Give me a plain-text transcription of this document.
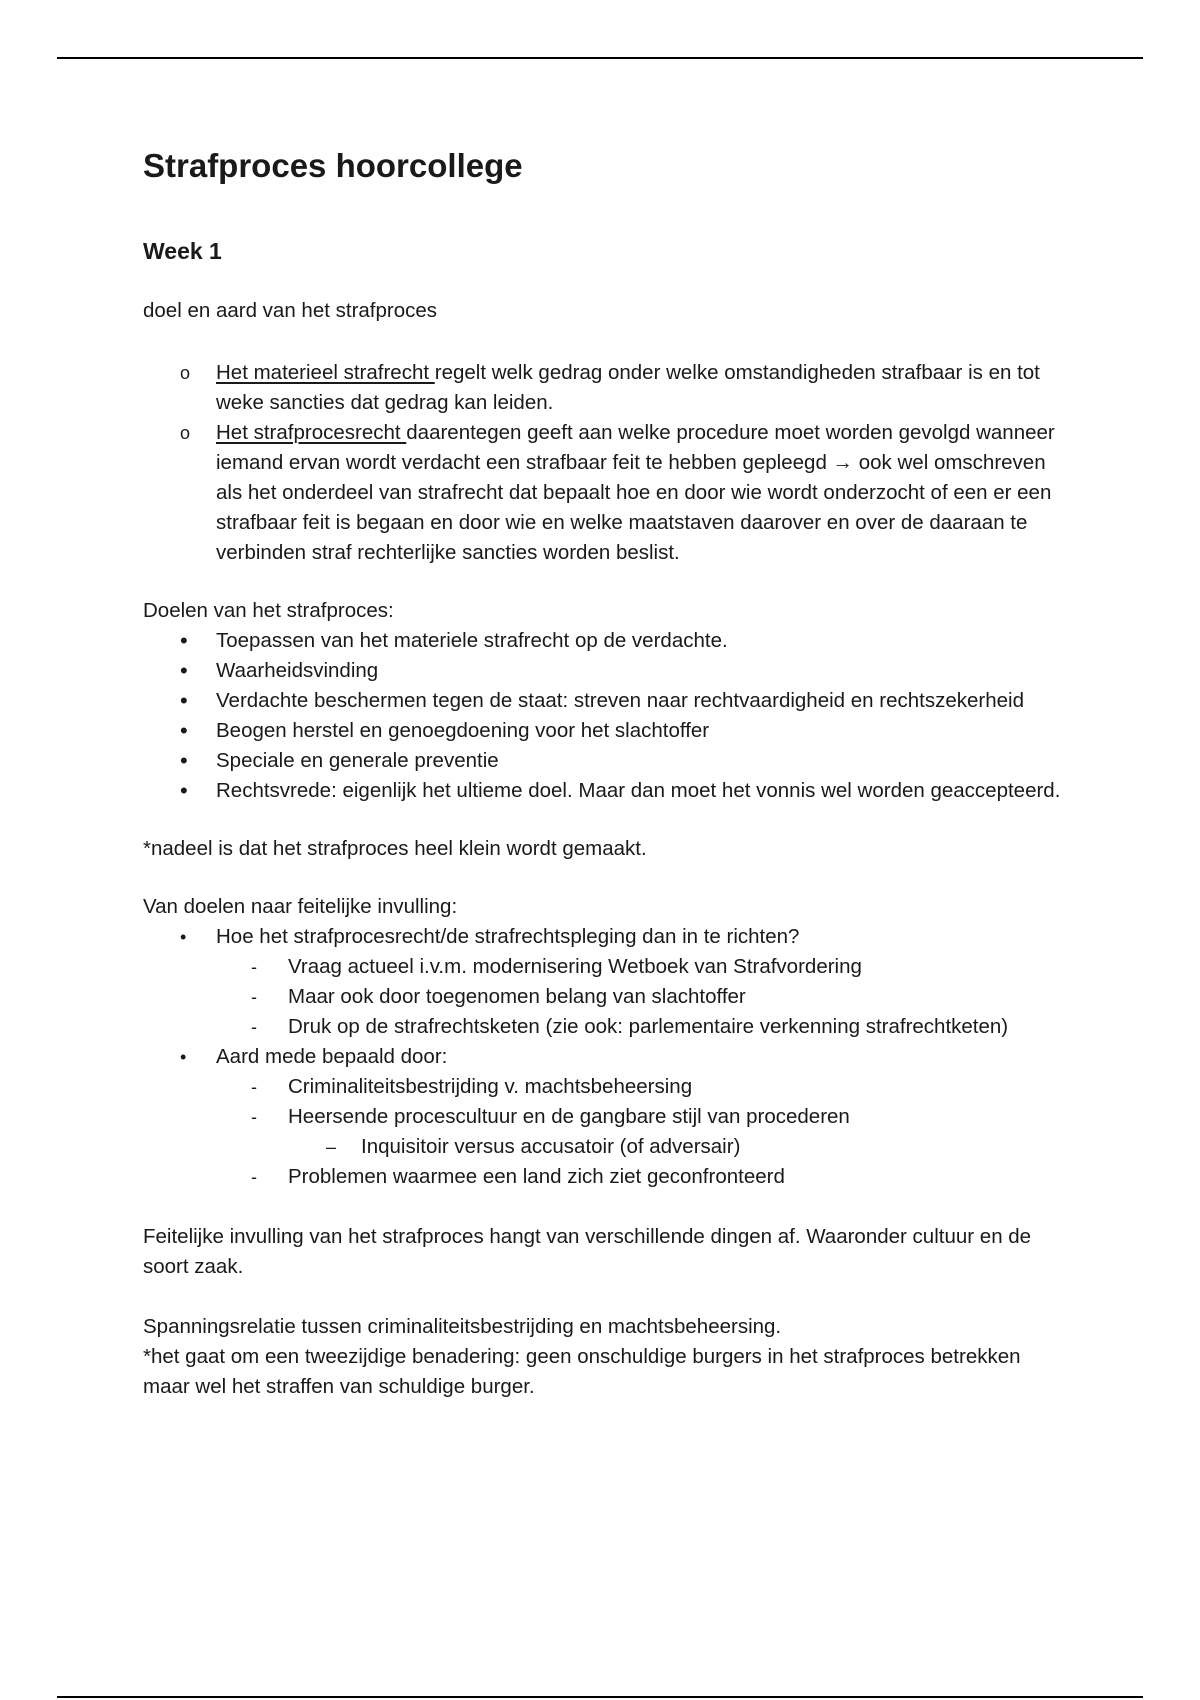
Strafproces hoorcollege
Week 1

doel en aard van het strafproces

o Het materieel strafrecht regelt welk gedrag onder welke omstandigheden strafbaar is en tot weke sancties dat gedrag kan leiden.
o Het strafprocesrecht daarentegen geeft aan welke procedure moet worden gevolgd wanneer iemand ervan wordt verdacht een strafbaar feit te hebben gepleegd → ook wel omschreven als het onderdeel van strafrecht dat bepaalt hoe en door wie wordt onderzocht of een er een strafbaar feit is begaan en door wie en welke maatstaven daarover en over de daaraan te verbinden straf rechterlijke sancties worden beslist.

Doelen van het strafproces:

• Toepassen van het materiele strafrecht op de verdachte.
• Waarheidsvinding
• Verdachte beschermen tegen de staat: streven naar rechtvaardigheid en rechtszekerheid
• Beogen herstel en genoegdoening voor het slachtoffer
• Speciale en generale preventie
• Rechtsvrede: eigenlijk het ultieme doel. Maar dan moet het vonnis wel worden geaccepteerd.

*nadeel is dat het strafproces heel klein wordt gemaakt.

Van doelen naar feitelijke invulling:

• Hoe het strafprocesrecht/de strafrechtspleging dan in te richten?
- Vraag actueel i.v.m. modernisering Wetboek van Strafvordering
- Maar ook door toegenomen belang van slachtoffer
- Druk op de strafrechtsketen (zie ook: parlementaire verkenning strafrechtketen)
• Aard mede bepaald door:
- Criminaliteitsbestrijding v. machtsbeheersing
- Heersende procescultuur en de gangbare stijl van procederen
– Inquisitoir versus accusatoir (of adversair)
- Problemen waarmee een land zich ziet geconfronteerd

Feitelijke invulling van het strafproces hangt van verschillende dingen af. Waaronder cultuur en de soort zaak.

Spanningsrelatie tussen criminaliteitsbestrijding en machtsbeheersing.

*het gaat om een tweezijdige benadering: geen onschuldige burgers in het strafproces betrekken maar wel het straffen van schuldige burger.
